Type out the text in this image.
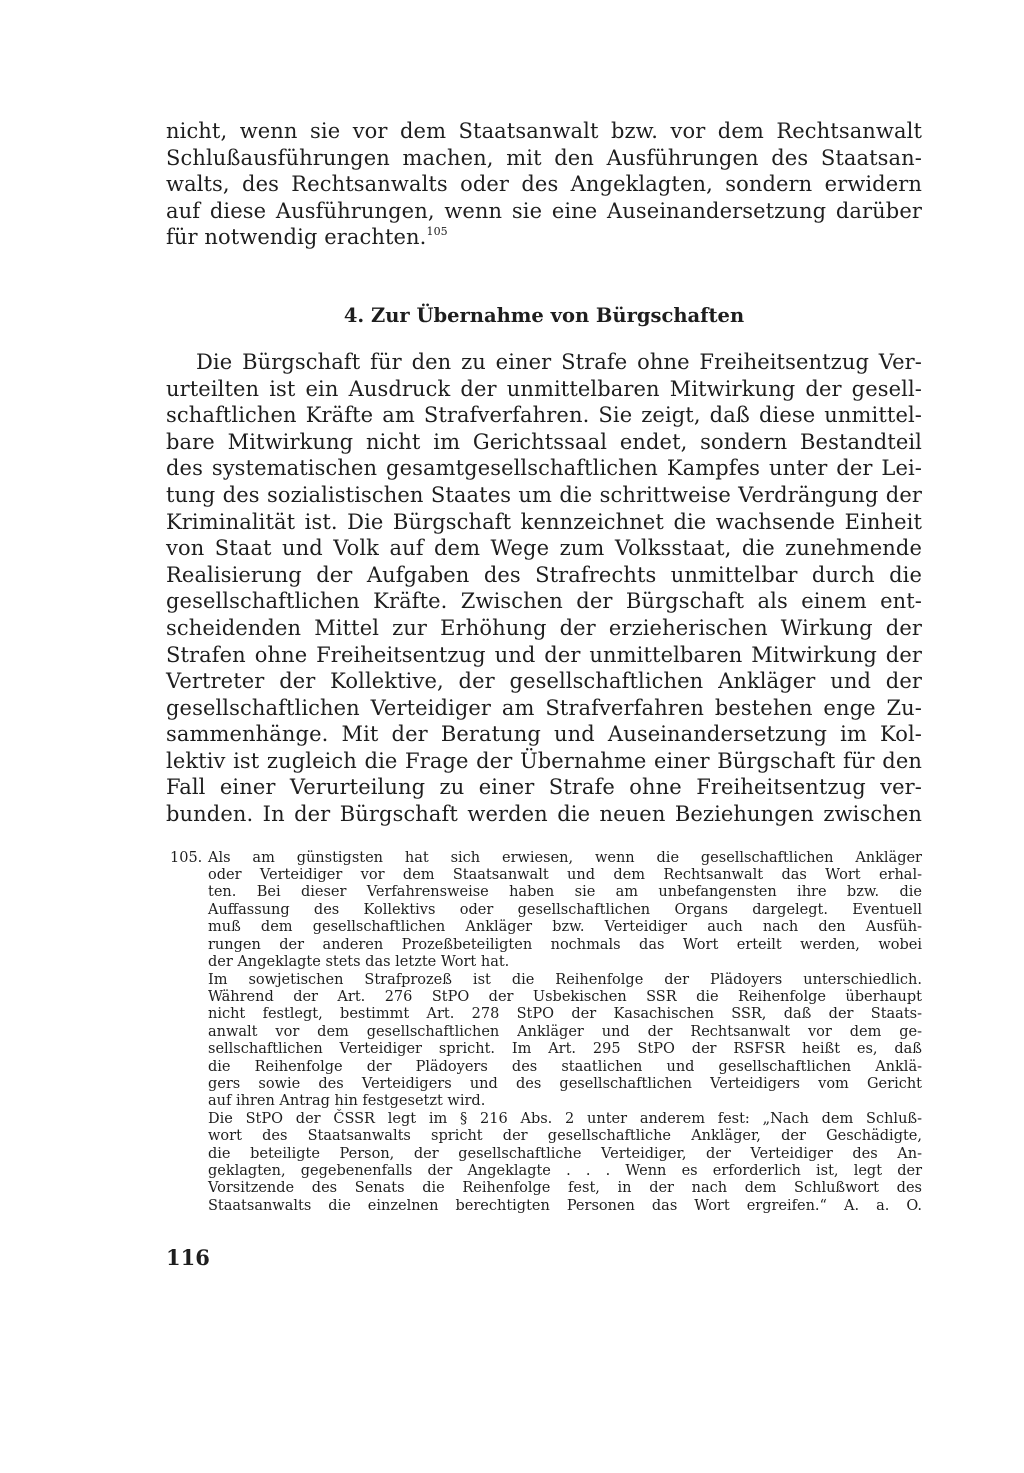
nicht, wenn sie vor dem Staatsanwalt bzw. vor dem Rechtsanwalt
Schlußausführungen machen, mit den Ausführungen des Staatsan-
walts, des Rechtsanwalts oder des Angeklagten, sondern erwidern
auf diese Ausführungen, wenn sie eine Auseinandersetzung darüber
für notwendig erachten.$^{105}$
4. Zur Übernahme von Bürgschaften
Die Bürgschaft für den zu einer Strafe ohne Freiheitsentzug Ver-
urteilten ist ein Ausdruck der unmittelbaren Mitwirkung der gesell-
schaftlichen Kräfte am Strafverfahren. Sie zeigt, daß diese unmittel-
bare Mitwirkung nicht im Gerichtssaal endet, sondern Bestandteil
des systematischen gesamtgesellschaftlichen Kampfes unter der Lei-
tung des sozialistischen Staates um die schrittweise Verdrängung der
Kriminalität ist. Die Bürgschaft kennzeichnet die wachsende Einheit
von Staat und Volk auf dem Wege zum Volksstaat, die zunehmende
Realisierung der Aufgaben des Strafrechts unmittelbar durch die
gesellschaftlichen Kräfte. Zwischen der Bürgschaft als einem ent-
scheidenden Mittel zur Erhöhung der erzieherischen Wirkung der
Strafen ohne Freiheitsentzug und der unmittelbaren Mitwirkung der
Vertreter der Kollektive, der gesellschaftlichen Ankläger und der
gesellschaftlichen Verteidiger am Strafverfahren bestehen enge Zu-
sammenhänge. Mit der Beratung und Auseinandersetzung im Kol-
lektiv ist zugleich die Frage der Übernahme einer Bürgschaft für den
Fall einer Verurteilung zu einer Strafe ohne Freiheitsentzug ver-
bunden. In der Bürgschaft werden die neuen Beziehungen zwischen
105. Als am günstigsten hat sich erwiesen, wenn die gesellschaftlichen Ankläger
oder Verteidiger vor dem Staatsanwalt und dem Rechtsanwalt das Wort erhal-
ten. Bei dieser Verfahrensweise haben sie am unbefangensten ihre bzw. die
Auffassung des Kollektivs oder gesellschaftlichen Organs dargelegt. Eventuell
muß dem gesellschaftlichen Ankläger bzw. Verteidiger auch nach den Ausfüh-
rungen der anderen Prozeßbeteiligten nochmals das Wort erteilt werden, wobei
der Angeklagte stets das letzte Wort hat.
Im sowjetischen Strafprozeß ist die Reihenfolge der Plädoyers unterschiedlich.
Während der Art. 276 StPO der Usbekischen SSR die Reihenfolge überhaupt
nicht festlegt, bestimmt Art. 278 StPO der Kasachischen SSR, daß der Staats-
anwalt vor dem gesellschaftlichen Ankläger und der Rechtsanwalt vor dem ge-
sellschaftlichen Verteidiger spricht. Im Art. 295 StPO der RSFSR heißt es, daß
die Reihenfolge der Plädoyers des staatlichen und gesellschaftlichen Anklä-
gers sowie des Verteidigers und des gesellschaftlichen Verteidigers vom Gericht
auf ihren Antrag hin festgesetzt wird.
Die StPO der ČSSR legt im § 216 Abs. 2 unter anderem fest: „Nach dem Schluß-
wort des Staatsanwalts spricht der gesellschaftliche Ankläger, der Geschädigte,
die beteiligte Person, der gesellschaftliche Verteidiger, der Verteidiger des An-
geklagten, gegebenenfalls der Angeklagte . . . Wenn es erforderlich ist, legt der
Vorsitzende des Senats die Reihenfolge fest, in der nach dem Schlußwort des
Staatsanwalts die einzelnen berechtigten Personen das Wort ergreifen.“ A. a. O.
116
